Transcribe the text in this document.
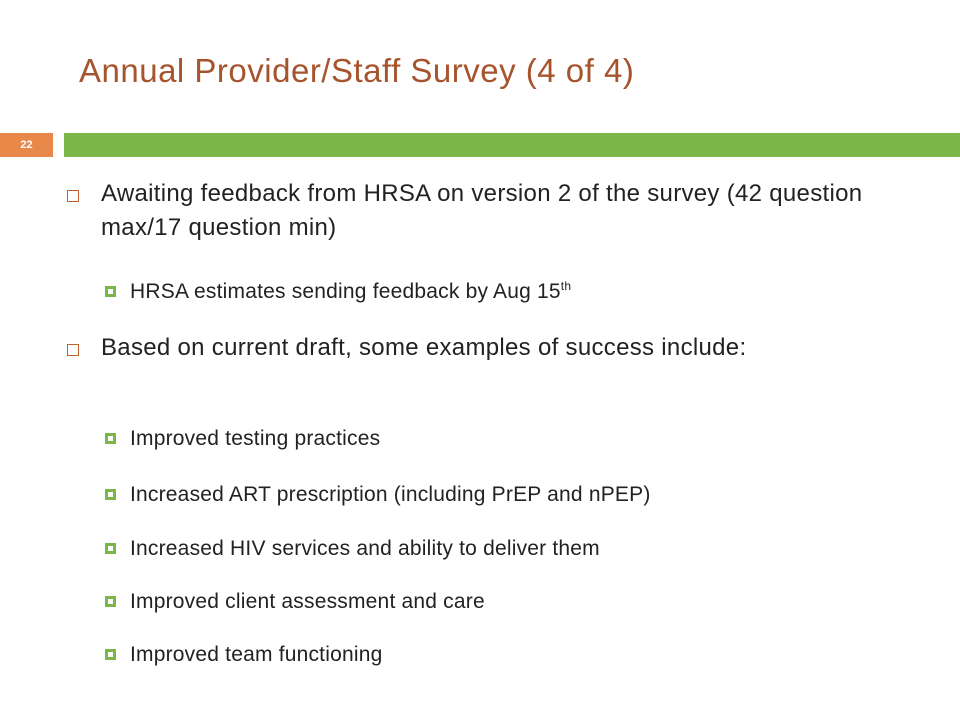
Annual Provider/Staff Survey (4 of 4)
22
Awaiting feedback from HRSA on version 2 of the survey (42 question max/17 question min)
HRSA estimates sending feedback by Aug 15th
Based on current draft, some examples of success include:
Improved testing practices
Increased ART prescription (including PrEP and nPEP)
Increased HIV services and ability to deliver them
Improved client assessment and care
Improved team functioning
